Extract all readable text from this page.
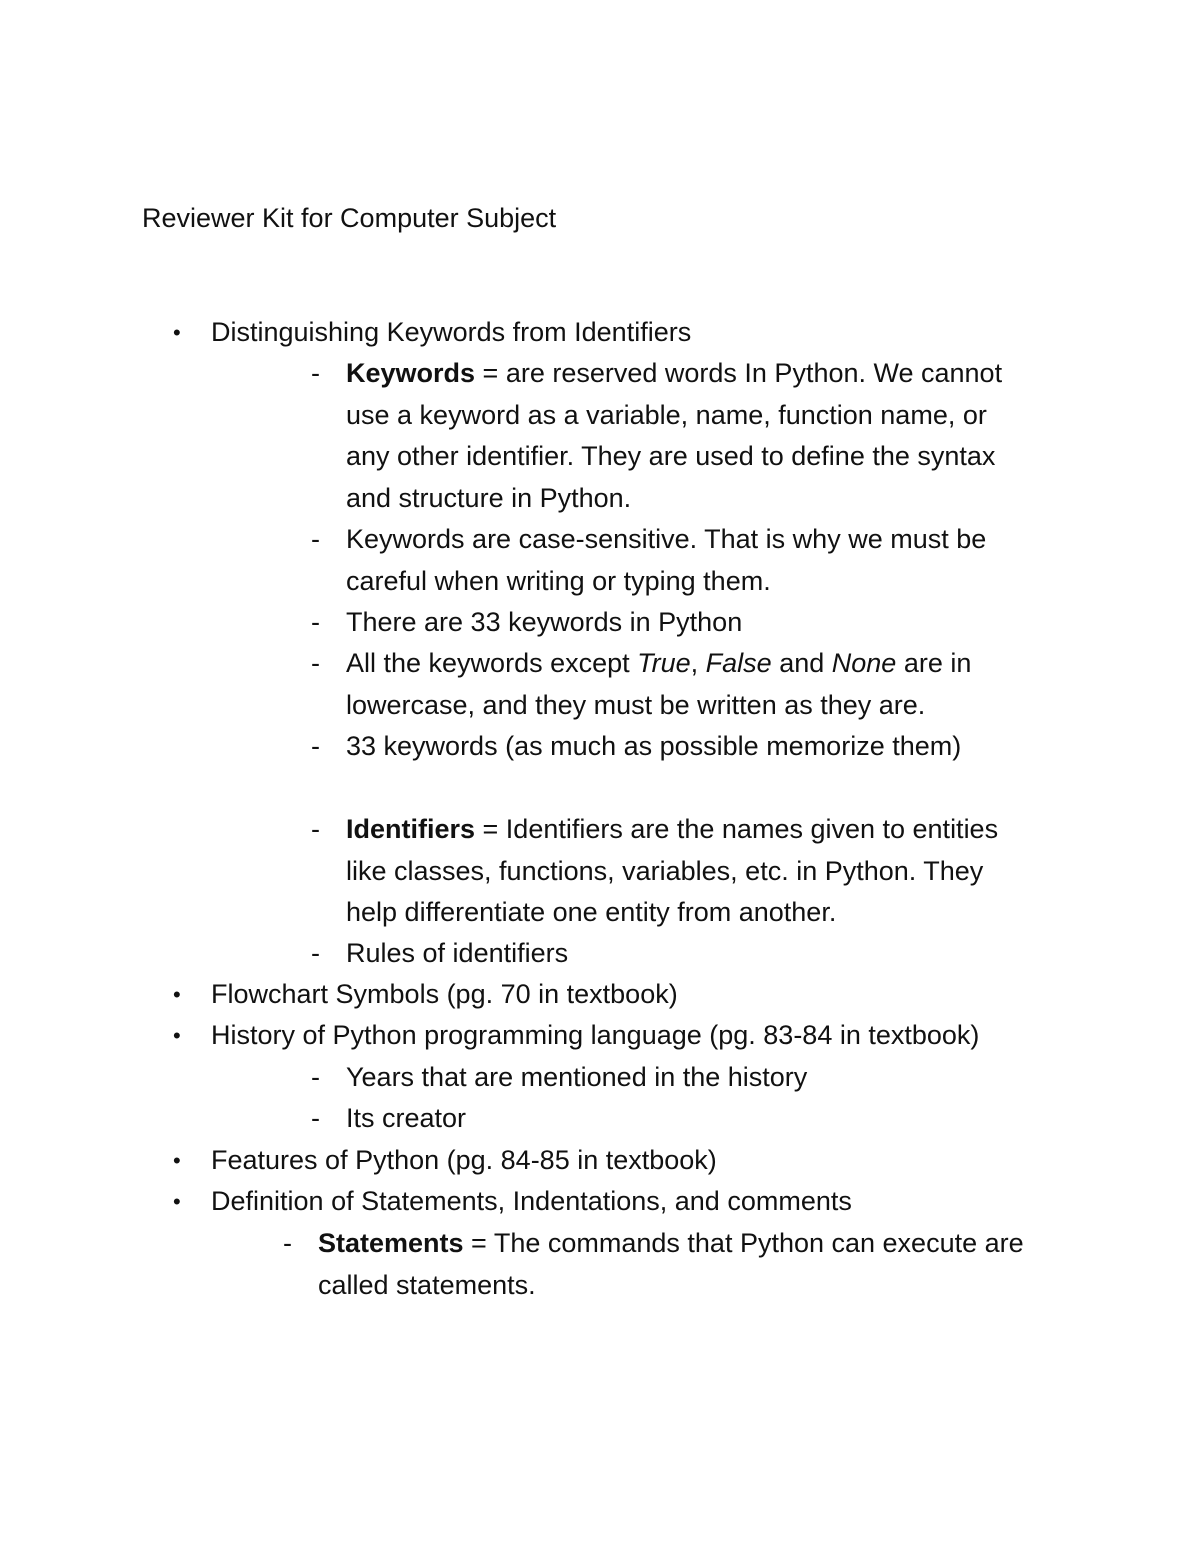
Reviewer Kit for Computer Subject
• Distinguishing Keywords from Identifiers
- Keywords = are reserved words In Python. We cannot
use a keyword as a variable, name, function name, or
any other identifier. They are used to define the syntax
and structure in Python.
- Keywords are case-sensitive. That is why we must be
careful when writing or typing them.
- There are 33 keywords in Python
- All the keywords except True, False and None are in
lowercase, and they must be written as they are.
- 33 keywords (as much as possible memorize them)
- Identifiers = Identifiers are the names given to entities
like classes, functions, variables, etc. in Python. They
help differentiate one entity from another.
- Rules of identifiers
• Flowchart Symbols (pg. 70 in textbook)
• History of Python programming language (pg. 83-84 in textbook)
- Years that are mentioned in the history
- Its creator
• Features of Python (pg. 84-85 in textbook)
• Definition of Statements, Indentations, and comments
- Statements = The commands that Python can execute are
called statements.
